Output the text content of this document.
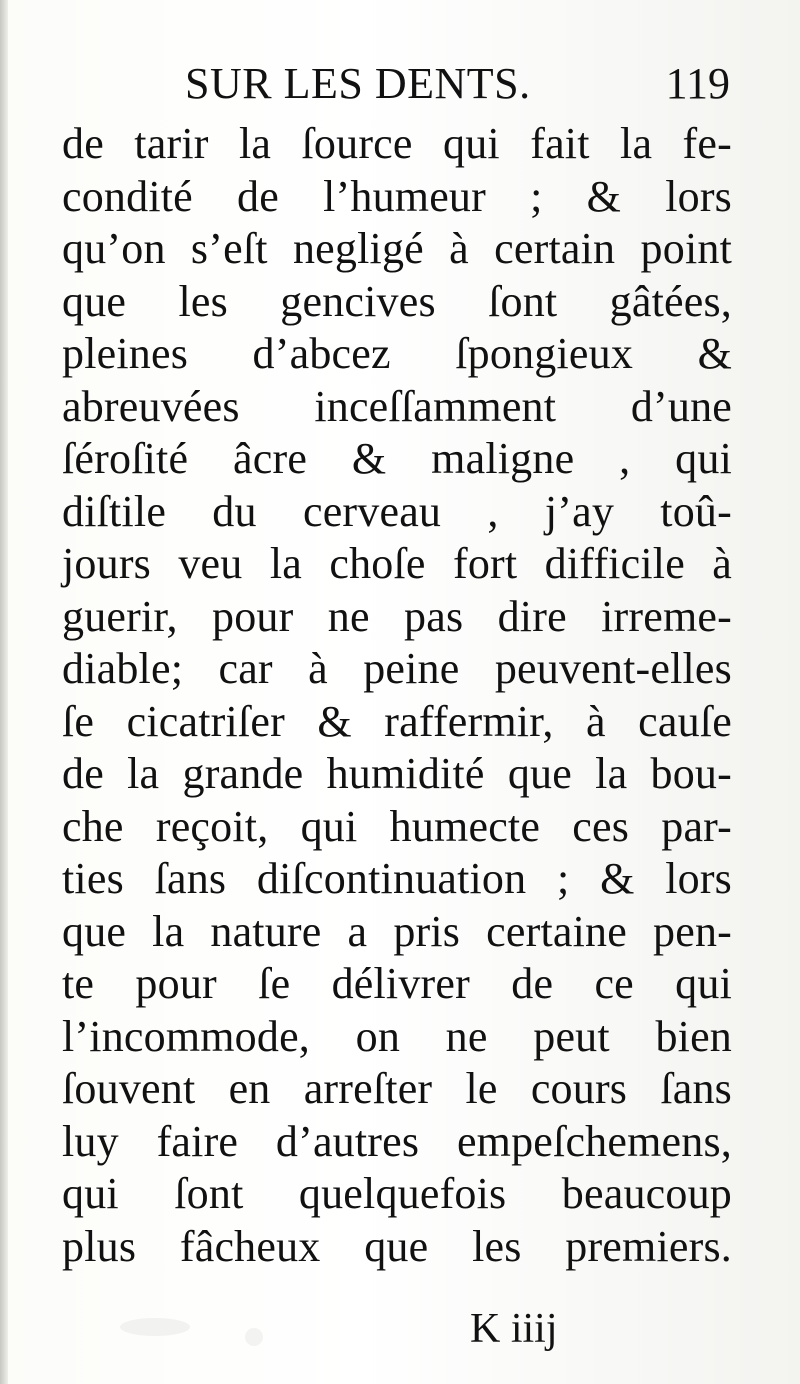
SUR LES DENTS.	119
de tarir la ſource qui fait la fe-
condité de l’humeur ; & lors
qu’on s’eſt negligé à certain point
que les gencives ſont gâtées,
pleines d’abcez ſpongieux &
abreuvées inceſſamment d’une
ſéroſité âcre & maligne , qui
diſtile du cerveau , j’ay toû-
jours veu la choſe fort difficile à
guerir, pour ne pas dire irreme-
diable; car à peine peuvent-elles
ſe cicatriſer & raffermir, à cauſe
de la grande humidité que la bou-
che reçoit, qui humecte ces par-
ties ſans diſcontinuation ; & lors
que la nature a pris certaine pen-
te pour ſe délivrer de ce qui
l’incommode, on ne peut bien
ſouvent en arreſter le cours ſans
luy faire d’autres empeſchemens,
qui ſont quelquefois beaucoup
plus fâcheux que les premiers.
K iiij
